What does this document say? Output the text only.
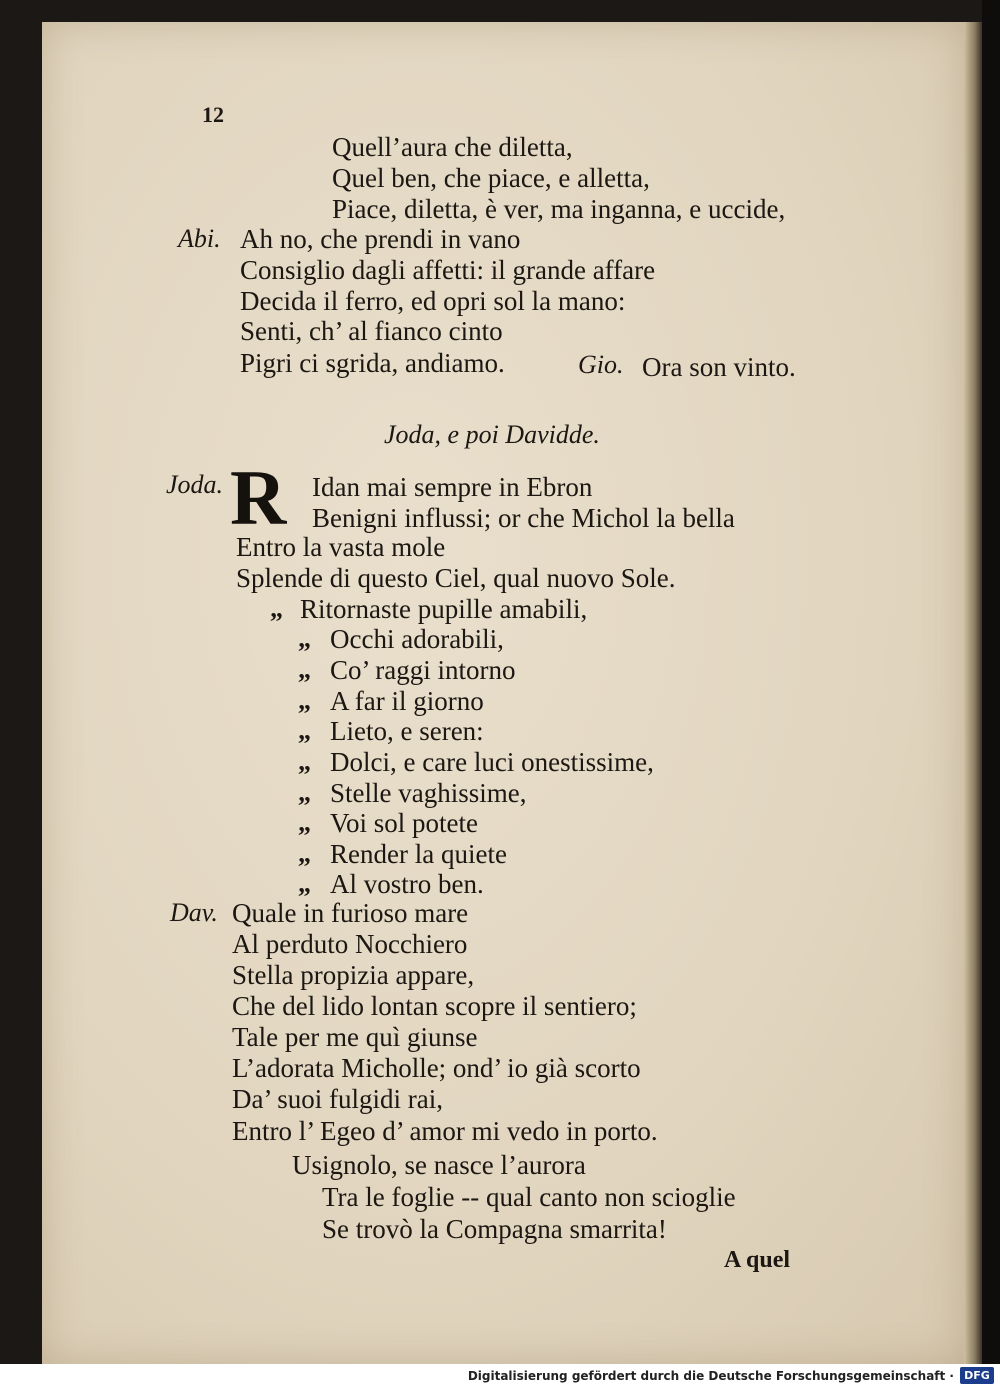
12
Quell’aura che diletta,
Quel ben, che piace, e alletta,
Piace, diletta, è ver, ma inganna, e uccide,
Abi. Ah no, che prendi in vano
Consiglio dagli affetti: il grande affare
Decida il ferro, ed opri sol la mano:
Senti, ch’ al fianco cinto
Pigri ci sgrida, andiamo.	Gio. Ora son vinto.
Joda, e poi Davidde.
Joda. R Idan mai sempre in Ebron
Benigni influssi; or che Michol la bella
Entro la vasta mole
Splende di questo Ciel, qual nuovo Sole.
„ Ritornaste pupille amabili,
„ Occhi adorabili,
„ Co’ raggi intorno
„ A far il giorno
„ Lieto, e seren:
„ Dolci, e care luci onestissime,
„ Stelle vaghissime,
„ Voi sol potete
„ Render la quiete
„ Al vostro ben.
Dav. Quale in furioso mare
Al perduto Nocchiero
Stella propizia appare,
Che del lido lontan scopre il sentiero;
Tale per me quì giunse
L’adorata Micholle; ond’ io già scorto
Da’ suoi fulgidi rai,
Entro l’ Egeo d’ amor mi vedo in porto.
Usignolo, se nasce l’aurora
Tra le foglie -- qual canto non scioglie
Se trovò la Compagna smarrita!
A quel
Digitalisierung gefördert durch die Deutsche Forschungsgemeinschaft · DFG
